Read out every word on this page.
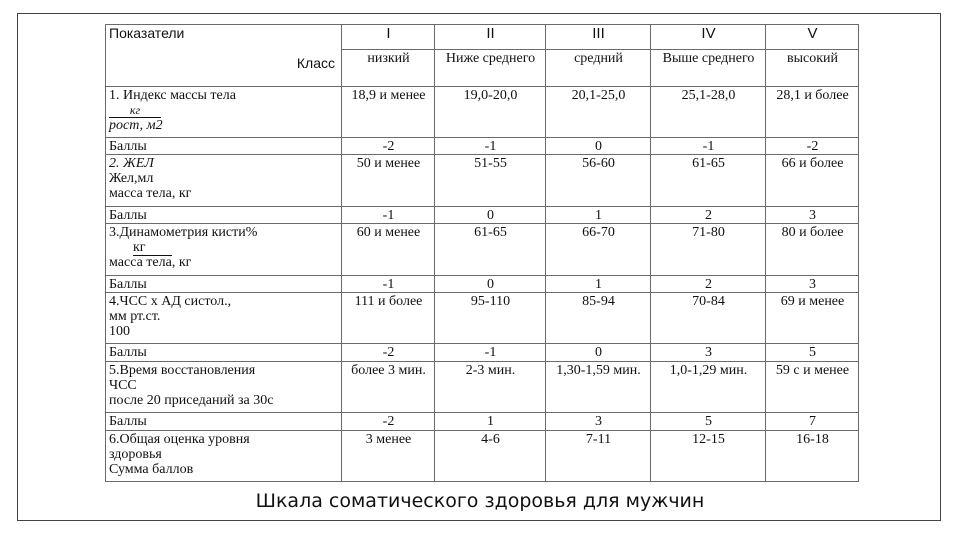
Показатели	I	II	III	IV	V

Класс	низкий	Ниже среднего	средний	Выше среднего	высокий

1. Индекс массы тела
кг
рост, м2	18,9 и менее	19,0-20,0	20,1-25,0	25,1-28,0	28,1 и более
Баллы	-2	-1	0	-1	-2

2. ЖЕЛ
Жел,мл
масса тела, кг	50 и менее	51-55	56-60	61-65	66 и более
Баллы	-1	0	1	2	3

3.Динамометрия кисти%
кг
масса тела, кг	60 и менее	61-65	66-70	71-80	80 и более
Баллы	-1	0	1	2	3

4.ЧСС х АД систол.,
мм рт.ст.
100	111 и более	95-110	85-94	70-84	69 и менее
Баллы	-2	-1	0	3	5

5.Время восстановления
ЧСС
после 20 приседаний за 30с	более 3 мин.	2-3 мин.	1,30-1,59 мин.	1,0-1,29 мин.	59 с и менее
Баллы	-2	1	3	5	7

6.Общая оценка уровня
здоровья
Сумма баллов	3 менее	4-6	7-11	12-15	16-18
Шкала соматического здоровья для мужчин
